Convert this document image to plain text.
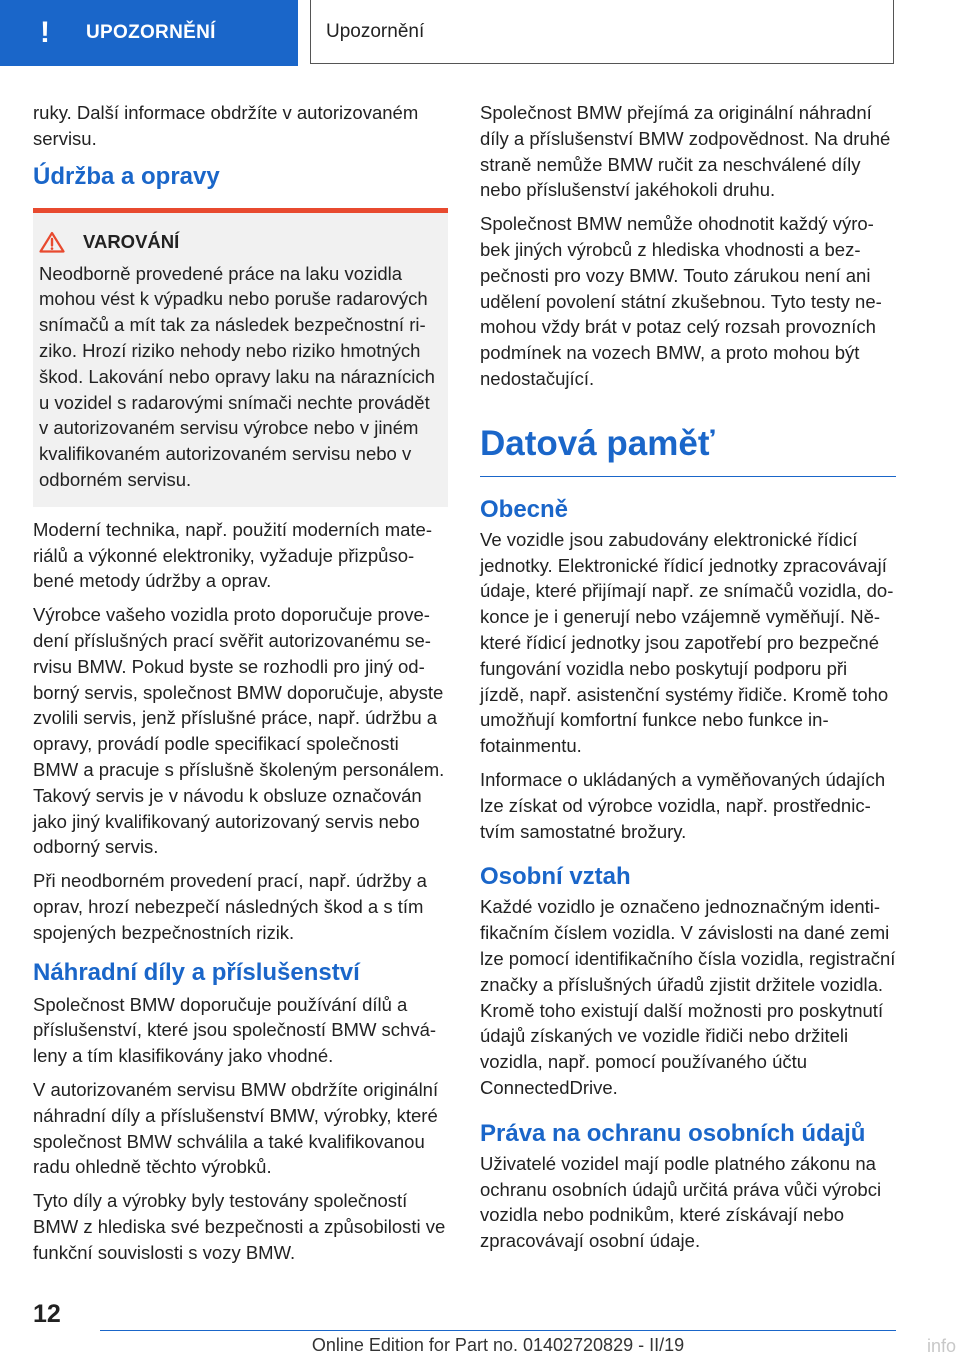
! UPOZORNĚNÍ	Upozornění

ruky. Další informace obdržíte v autorizovaném servisu.

Údržba a opravy
VAROVÁNÍ

Neodborně provedené práce na laku vozidla mohou vést k výpadku nebo poruše radarových snímačů a mít tak za následek bezpečnostní riziko. Hrozí riziko nehody nebo riziko hmotných škod. Lakování nebo opravy laku na náraznícich u vozidel s radarovými snímači nechte provádět v autorizovaném servisu výrobce nebo v jiném kvalifikovaném autorizovaném servisu nebo v odborném servisu.

Moderní technika, např. použití moderních materiálů a výkonné elektroniky, vyžaduje přizpůsobené metody údržby a oprav.

Výrobce vašeho vozidla proto doporučuje provedení příslušných prací svěřit autorizovanému servisu BMW. Pokud byste se rozhodli pro jiný odborný servis, společnost BMW doporučuje, abyste zvolili servis, jenž příslušné práce, např. údržbu a opravy, provádí podle specifikací společnosti BMW a pracuje s příslušně školeným personálem. Takový servis je v návodu k obsluze označován jako jiný kvalifikovaný autorizovaný servis nebo odborný servis.

Při neodborném provedení prací, např. údržby a oprav, hrozí nebezpečí následných škod a s tím spojených bezpečnostních rizik.

Náhradní díly a příslušenství

Společnost BMW doporučuje používání dílů a příslušenství, které jsou společností BMW schváleny a tím klasifikovány jako vhodné.

V autorizovaném servisu BMW obdržíte originální náhradní díly a příslušenství BMW, výrobky, které společnost BMW schválila a také kvalifikovanou radu ohledně těchto výrobků.

Tyto díly a výrobky byly testovány společností BMW z hlediska své bezpečnosti a způsobilosti ve funkční souvislosti s vozy BMW.

Společnost BMW přejímá za originální náhradní díly a příslušenství BMW zodpovědnost. Na druhé straně nemůže BMW ručit za neschválené díly nebo příslušenství jakéhokoli druhu.

Společnost BMW nemůže ohodnotit každý výrobek jiných výrobců z hlediska vhodnosti a bezpečnosti pro vozy BMW. Touto zárukou není ani udělení povolení státní zkušebnou. Tyto testy nemohou vždy brát v potaz celý rozsah provozních podmínek na vozech BMW, a proto mohou být nedostačující.

Datová paměť
Obecně

Ve vozidle jsou zabudovány elektronické řídicí jednotky. Elektronické řídicí jednotky zpracovávají údaje, které přijímají např. ze snímačů vozidla, dokonce je i generují nebo vzájemně vyměňují. Některé řídicí jednotky jsou zapotřebí pro bezpečné fungování vozidla nebo poskytují podporu při jízdě, např. asistenční systémy řidiče. Kromě toho umožňují komfortní funkce nebo funkce infotainmentu.

Informace o ukládaných a vyměňovaných údajích lze získat od výrobce vozidla, např. prostřednictvím samostatné brožury.

Osobní vztah

Každé vozidlo je označeno jednoznačným identifikačním číslem vozidla. V závislosti na dané zemi lze pomocí identifikačního čísla vozidla, registrační značky a příslušných úřadů zjistit držitele vozidla. Kromě toho existují další možnosti pro poskytnutí údajů získaných ve vozidle řidiči nebo držiteli vozidla, např. pomocí používaného účtu ConnectedDrive.

Práva na ochranu osobních údajů

Uživatelé vozidel mají podle platného zákonu na ochranu osobních údajů určitá práva vůči výrobci vozidla nebo podnikům, které získávají nebo zpracovávají osobní údaje.

12
Online Edition for Part no. 01402720829 - II/19	info
